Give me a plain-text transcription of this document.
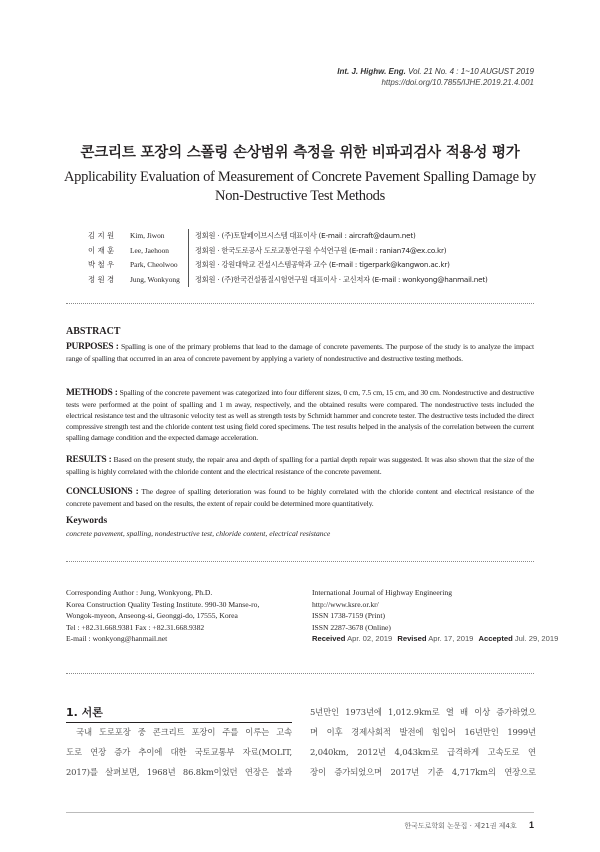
Int. J. Highw. Eng. Vol. 21 No. 4 : 1~10 AUGUST 2019
https://doi.org/10.7855/IJHE.2019.21.4.001
콘크리트 포장의 스폴링 손상범위 측정을 위한 비파괴검사 적용성 평가
Applicability Evaluation of Measurement of Concrete Pavement Spalling Damage by Non-Destructive Test Methods
김 지 원	Kim, Jiwon	정회원 · (주)토탈페이브시스템 대표이사 (E-mail : aircraft@daum.net)
이 재 훈	Lee, Jaehoon	정회원 · 한국도로공사 도로교통연구원 수석연구원 (E-mail : ranian74@ex.co.kr)
박 철 우	Park, Cheolwoo	정회원 · 강원대학교 건설시스템공학과 교수 (E-mail : tigerpark@kangwon.ac.kr)
정 원 경	Jung, Wonkyong	정회원 · (주)한국건설품질시험연구원 대표이사 · 교신저자 (E-mail : wonkyong@hanmail.net)
ABSTRACT
PURPOSES : Spalling is one of the primary problems that lead to the damage of concrete pavements. The purpose of the study is to analyze the impact range of spalling that occurred in an area of concrete pavement by applying a variety of nondestructive and destructive testing methods.
METHODS : Spalling of the concrete pavement was categorized into four different sizes, 0 cm, 7.5 cm, 15 cm, and 30 cm. Nondestructive and destructive tests were performed at the point of spalling and 1 m away, respectively, and the obtained results were compared. The nondestructive tests included the electrical resistance test and the ultrasonic velocity test as well as strength tests by Schmidt hammer and concrete tester. The destructive tests included the direct compressive strength test and the chloride content test using field cored specimens. The test results helped in the analysis of the correlation between the current spalling damage condition and the expected damage acceleration.
RESULTS : Based on the present study, the repair area and depth of spalling for a partial depth repair was suggested. It was also shown that the size of the spalling is highly correlated with the chloride content and the electrical resistance of the concrete pavement.
CONCLUSIONS : The degree of spalling deterioration was found to be highly correlated with the chloride content and electrical resistance of the concrete pavement and based on the results, the extent of repair could be determined more quantitatively.
Keywords
concrete pavement, spalling, nondestructive test, chloride content, electrical resistance
Corresponding Author : Jung, Wonkyong, Ph.D.
Korea Construction Quality Testing Institute. 990-30 Manse-ro,
Wongok-myeon, Anseong-si, Geonggi-do, 17555, Korea
Tel : +82.31.668.9381 Fax : +82.31.668.9382
E-mail : wonkyong@hanmail.net
International Journal of Highway Engineering
http://www.ksre.or.kr/
ISSN 1738-7159 (Print)
ISSN 2287-3678 (Online)
Received Apr. 02, 2019 Revised Apr. 17, 2019 Accepted Jul. 29, 2019
1. 서론
국내 도로포장 중 콘크리트 포장이 주를 이루는 고속
도로 연장 증가 추이에 대한 국토교통부 자료(MOLIT,
2017)를 살펴보면, 1968년 86.8km이었던 연장은 불과
5년만인 1973년에 1,012.9km로 열 배 이상 증가하였으
며 이후 경제사회적 발전에 힘입어 16년만인 1999년
2,040km, 2012년 4,043km로 급격하게 고속도로 연
장이 증가되었으며 2017년 기준 4,717km의 연장으로
한국도로학회 논문집 · 제21권 제4호 1
